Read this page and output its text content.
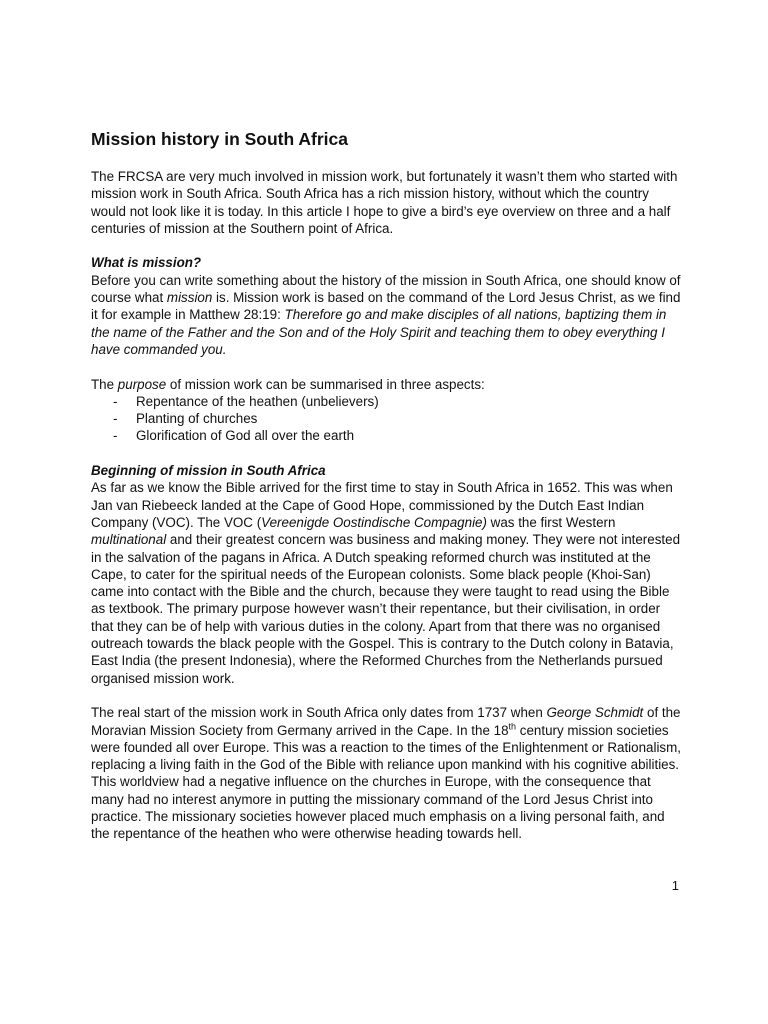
Mission history in South Africa

The FRCSA are very much involved in mission work, but fortunately it wasn’t them who started with mission work in South Africa. South Africa has a rich mission history, without which the country would not look like it is today. In this article I hope to give a bird’s eye overview on three and a half centuries of mission at the Southern point of Africa.

What is mission?
Before you can write something about the history of the mission in South Africa, one should know of course what mission is. Mission work is based on the command of the Lord Jesus Christ, as we find it for example in Matthew 28:19: Therefore go and make disciples of all nations, baptizing them in the name of the Father and the Son and of the Holy Spirit and teaching them to obey everything I have commanded you.

The purpose of mission work can be summarised in three aspects:
- Repentance of the heathen (unbelievers)
- Planting of churches
- Glorification of God all over the earth

Beginning of mission in South Africa
As far as we know the Bible arrived for the first time to stay in South Africa in 1652. This was when Jan van Riebeeck landed at the Cape of Good Hope, commissioned by the Dutch East Indian Company (VOC). The VOC (Vereenigde Oostindische Compagnie) was the first Western multinational and their greatest concern was business and making money. They were not interested in the salvation of the pagans in Africa. A Dutch speaking reformed church was instituted at the Cape, to cater for the spiritual needs of the European colonists. Some black people (Khoi-San) came into contact with the Bible and the church, because they were taught to read using the Bible as textbook. The primary purpose however wasn’t their repentance, but their civilisation, in order that they can be of help with various duties in the colony. Apart from that there was no organised outreach towards the black people with the Gospel. This is contrary to the Dutch colony in Batavia, East India (the present Indonesia), where the Reformed Churches from the Netherlands pursued organised mission work.

The real start of the mission work in South Africa only dates from 1737 when George Schmidt of the Moravian Mission Society from Germany arrived in the Cape. In the 18th century mission societies were founded all over Europe. This was a reaction to the times of the Enlightenment or Rationalism, replacing a living faith in the God of the Bible with reliance upon mankind with his cognitive abilities. This worldview had a negative influence on the churches in Europe, with the consequence that many had no interest anymore in putting the missionary command of the Lord Jesus Christ into practice. The missionary societies however placed much emphasis on a living personal faith, and the repentance of the heathen who were otherwise heading towards hell.

1
